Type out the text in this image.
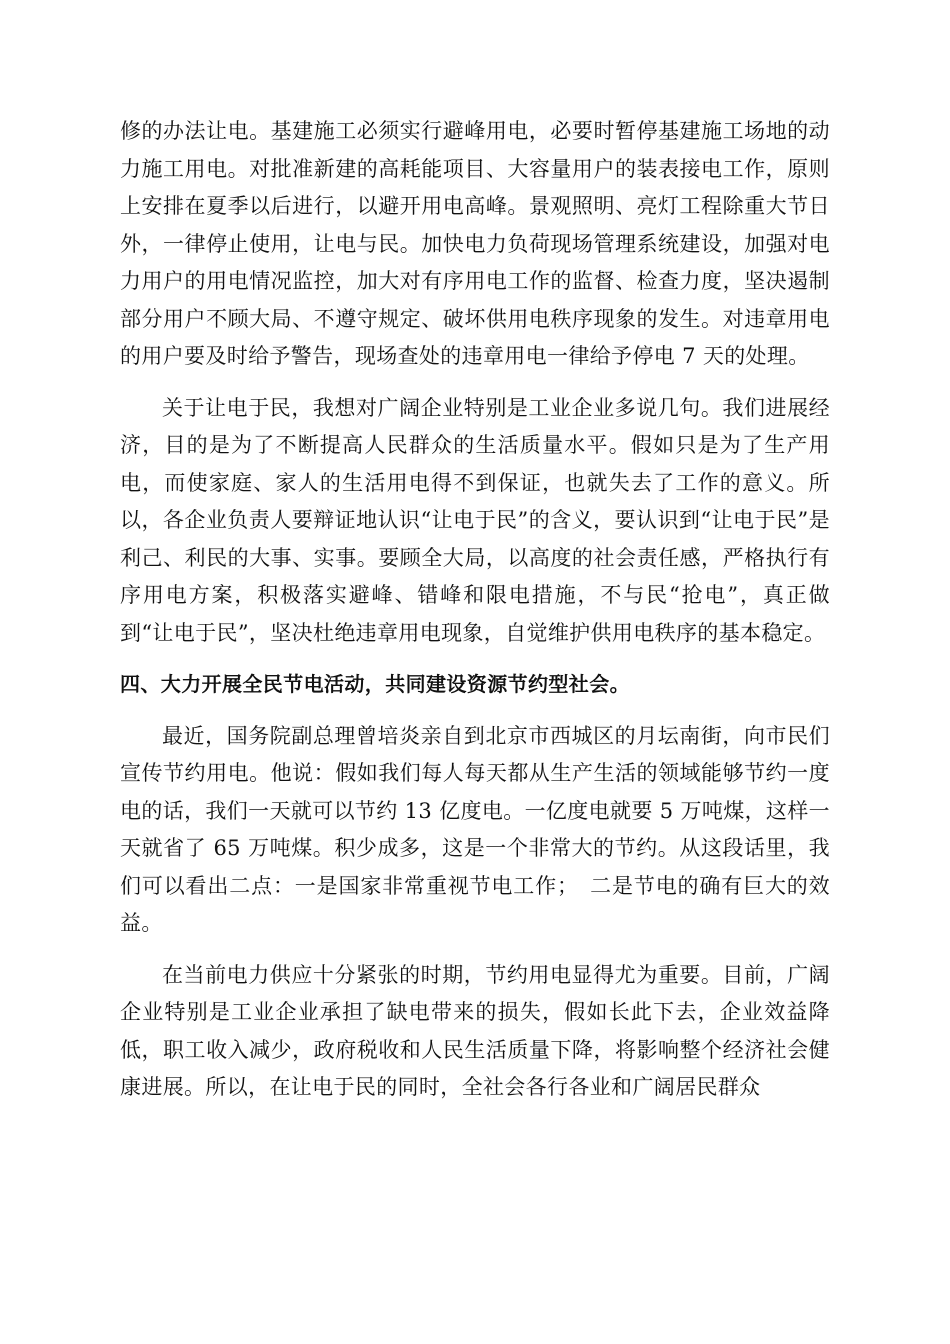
修的办法让电。基建施工必须实行避峰用电，必要时暂停基建施工场地的动力施工用电。对批准新建的高耗能项目、大容量用户的装表接电工作，原则上安排在夏季以后进行，以避开用电高峰。景观照明、亮灯工程除重大节日外，一律停止使用，让电与民。加快电力负荷现场管理系统建设，加强对电力用户的用电情况监控，加大对有序用电工作的监督、检查力度，坚决遏制部分用户不顾大局、不遵守规定、破坏供用电秩序现象的发生。对违章用电的用户要及时给予警告，现场查处的违章用电一律给予停电 7 天的处理。

关于让电于民，我想对广阔企业特别是工业企业多说几句。我们进展经济，目的是为了不断提高人民群众的生活质量水平。假如只是为了生产用电，而使家庭、家人的生活用电得不到保证，也就失去了工作的意义。所以，各企业负责人要辩证地认识“让电于民”的含义，要认识到“让电于民”是利己、利民的大事、实事。要顾全大局，以高度的社会责任感，严格执行有序用电方案，积极落实避峰、错峰和限电措施，不与民“抢电”，真正做到“让电于民”，坚决杜绝违章用电现象，自觉维护供用电秩序的基本稳定。

四、大力开展全民节电活动，共同建设资源节约型社会。

最近，国务院副总理曾培炎亲自到北京市西城区的月坛南街，向市民们宣传节约用电。他说：假如我们每人每天都从生产生活的领域能够节约一度电的话，我们一天就可以节约 13 亿度电。一亿度电就要 5 万吨煤，这样一天就省了 65 万吨煤。积少成多，这是一个非常大的节约。从这段话里，我们可以看出二点：一是国家非常重视节电工作；　二是节电的确有巨大的效益。

在当前电力供应十分紧张的时期，节约用电显得尤为重要。目前，广阔企业特别是工业企业承担了缺电带来的损失，假如长此下去，企业效益降低，职工收入减少，政府税收和人民生活质量下降，将影响整个经济社会健康进展。所以，在让电于民的同时，全社会各行各业和广阔居民群众
